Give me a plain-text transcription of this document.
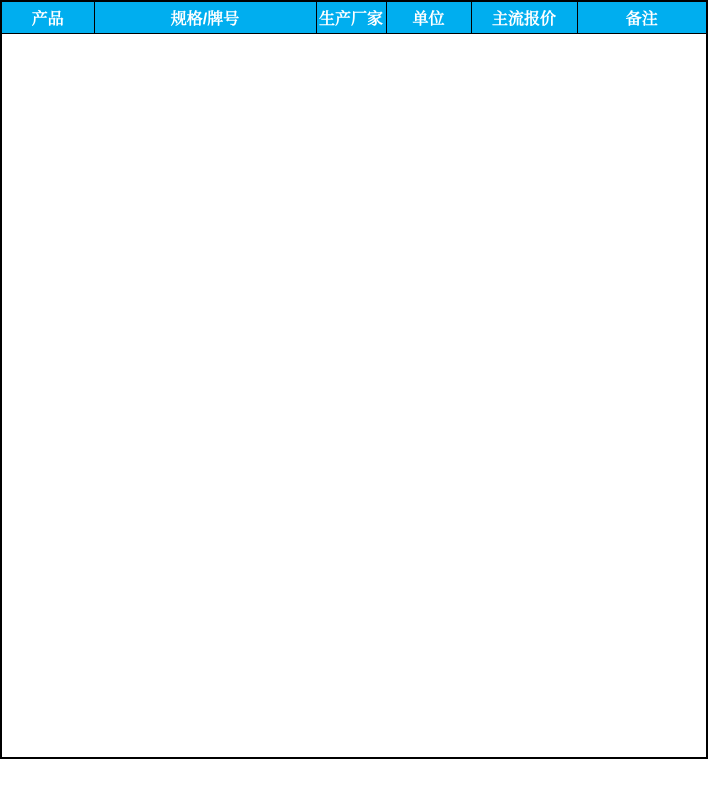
产品	规格/牌号	生产厂家	单位	主流报价	备注
